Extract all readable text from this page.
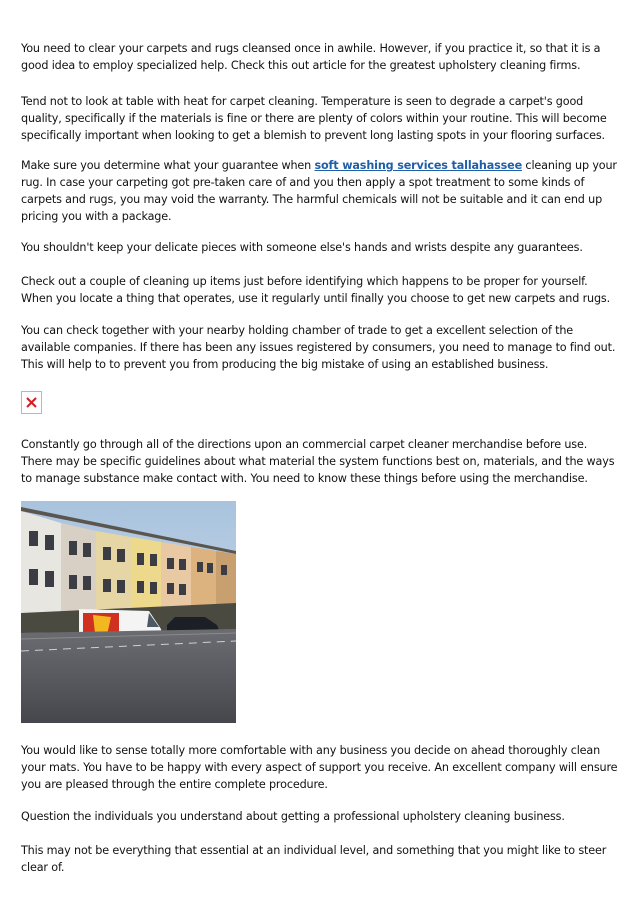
You need to clear your carpets and rugs cleansed once in awhile. However, if you practice it, so that it is a good idea to employ specialized help. Check this out article for the greatest upholstery cleaning firms.

Tend not to look at table with heat for carpet cleaning. Temperature is seen to degrade a carpet's good quality, specifically if the materials is fine or there are plenty of colors within your routine. This will become specifically important when looking to get a blemish to prevent long lasting spots in your flooring surfaces.

Make sure you determine what your guarantee when soft washing services tallahassee cleaning up your rug. In case your carpeting got pre-taken care of and you then apply a spot treatment to some kinds of carpets and rugs, you may void the warranty. The harmful chemicals will not be suitable and it can end up pricing you with a package.

You shouldn't keep your delicate pieces with someone else's hands and wrists despite any guarantees.

Check out a couple of cleaning up items just before identifying which happens to be proper for yourself. When you locate a thing that operates, use it regularly until finally you choose to get new carpets and rugs.

You can check together with your nearby holding chamber of trade to get a excellent selection of the available companies. If there has been any issues registered by consumers, you need to manage to find out. This will help to to prevent you from producing the big mistake of using an established business.

Constantly go through all of the directions upon an commercial carpet cleaner merchandise before use. There may be specific guidelines about what material the system functions best on, materials, and the ways to manage substance make contact with. You need to know these things before using the merchandise.

You would like to sense totally more comfortable with any business you decide on ahead thoroughly clean your mats. You have to be happy with every aspect of support you receive. An excellent company will ensure you are pleased through the entire complete procedure.

Question the individuals you understand about getting a professional upholstery cleaning business.

This may not be everything that essential at an individual level, and something that you might like to steer clear of.
